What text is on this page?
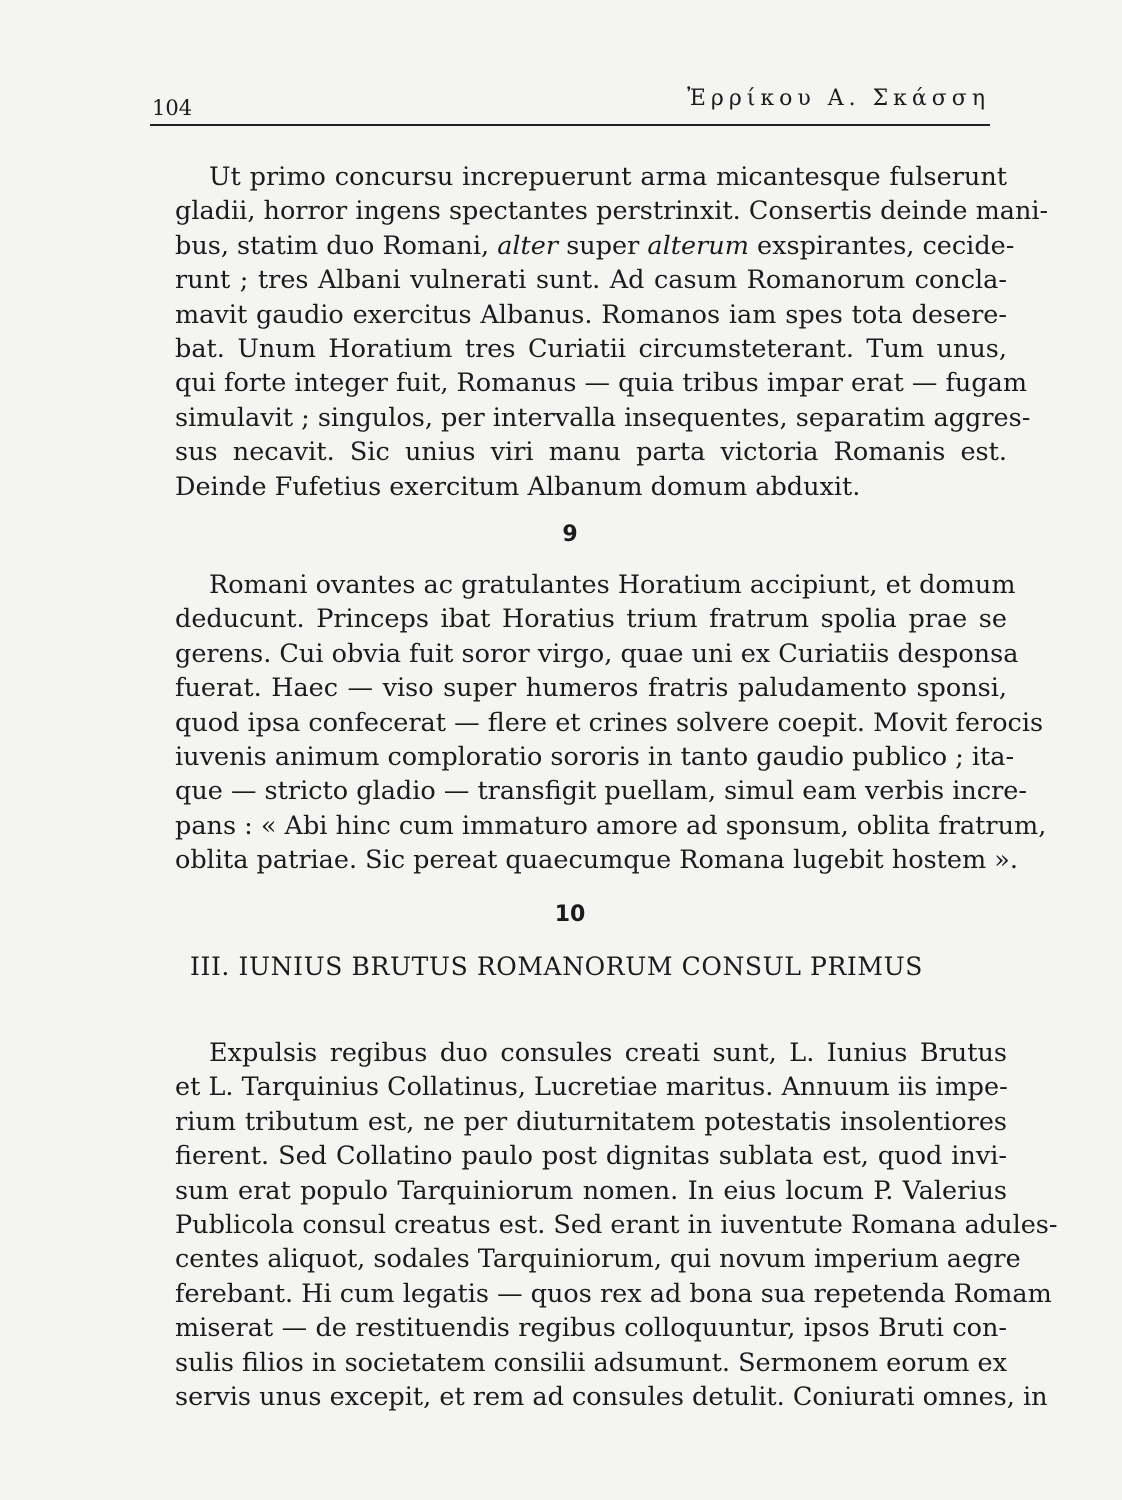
104	Ἐρρίκου Α. Σκάσση
Ut primo concursu increpuerunt arma micantesque fulserunt
gladii, horror ingens spectantes perstrinxit. Consertis deinde mani-
bus, statim duo Romani, alter super alterum exspirantes, cecide-
runt ; tres Albani vulnerati sunt. Ad casum Romanorum concla-
mavit gaudio exercitus Albanus. Romanos iam spes tota desere-
bat. Unum Horatium tres Curiatii circumsteterant. Tum unus,
qui forte integer fuit, Romanus — quia tribus impar erat — fugam
simulavit ; singulos, per intervalla insequentes, separatim aggres-
sus necavit. Sic unius viri manu parta victoria Romanis est.
Deinde Fufetius exercitum Albanum domum abduxit.
9
Romani ovantes ac gratulantes Horatium accipiunt, et domum
deducunt. Princeps ibat Horatius trium fratrum spolia prae se
gerens. Cui obvia fuit soror virgo, quae uni ex Curiatiis desponsa
fuerat. Haec — viso super humeros fratris paludamento sponsi,
quod ipsa confecerat — flere et crines solvere coepit. Movit ferocis
iuvenis animum comploratio sororis in tanto gaudio publico ; ita-
que — stricto gladio — transfigit puellam, simul eam verbis incre-
pans : « Abi hinc cum immaturo amore ad sponsum, oblita fratrum,
oblita patriae. Sic pereat quaecumque Romana lugebit hostem ».
10
III. IUNIUS BRUTUS ROMANORUM CONSUL PRIMUS
Expulsis regibus duo consules creati sunt, L. Iunius Brutus
et L. Tarquinius Collatinus, Lucretiae maritus. Annuum iis impe-
rium tributum est, ne per diuturnitatem potestatis insolentiores
fierent. Sed Collatino paulo post dignitas sublata est, quod invi-
sum erat populo Tarquiniorum nomen. In eius locum P. Valerius
Publicola consul creatus est. Sed erant in iuventute Romana adules-
centes aliquot, sodales Tarquiniorum, qui novum imperium aegre
ferebant. Hi cum legatis — quos rex ad bona sua repetenda Romam
miserat — de restituendis regibus colloquuntur, ipsos Bruti con-
sulis filios in societatem consilii adsumunt. Sermonem eorum ex
servis unus excepit, et rem ad consules detulit. Coniurati omnes, in
